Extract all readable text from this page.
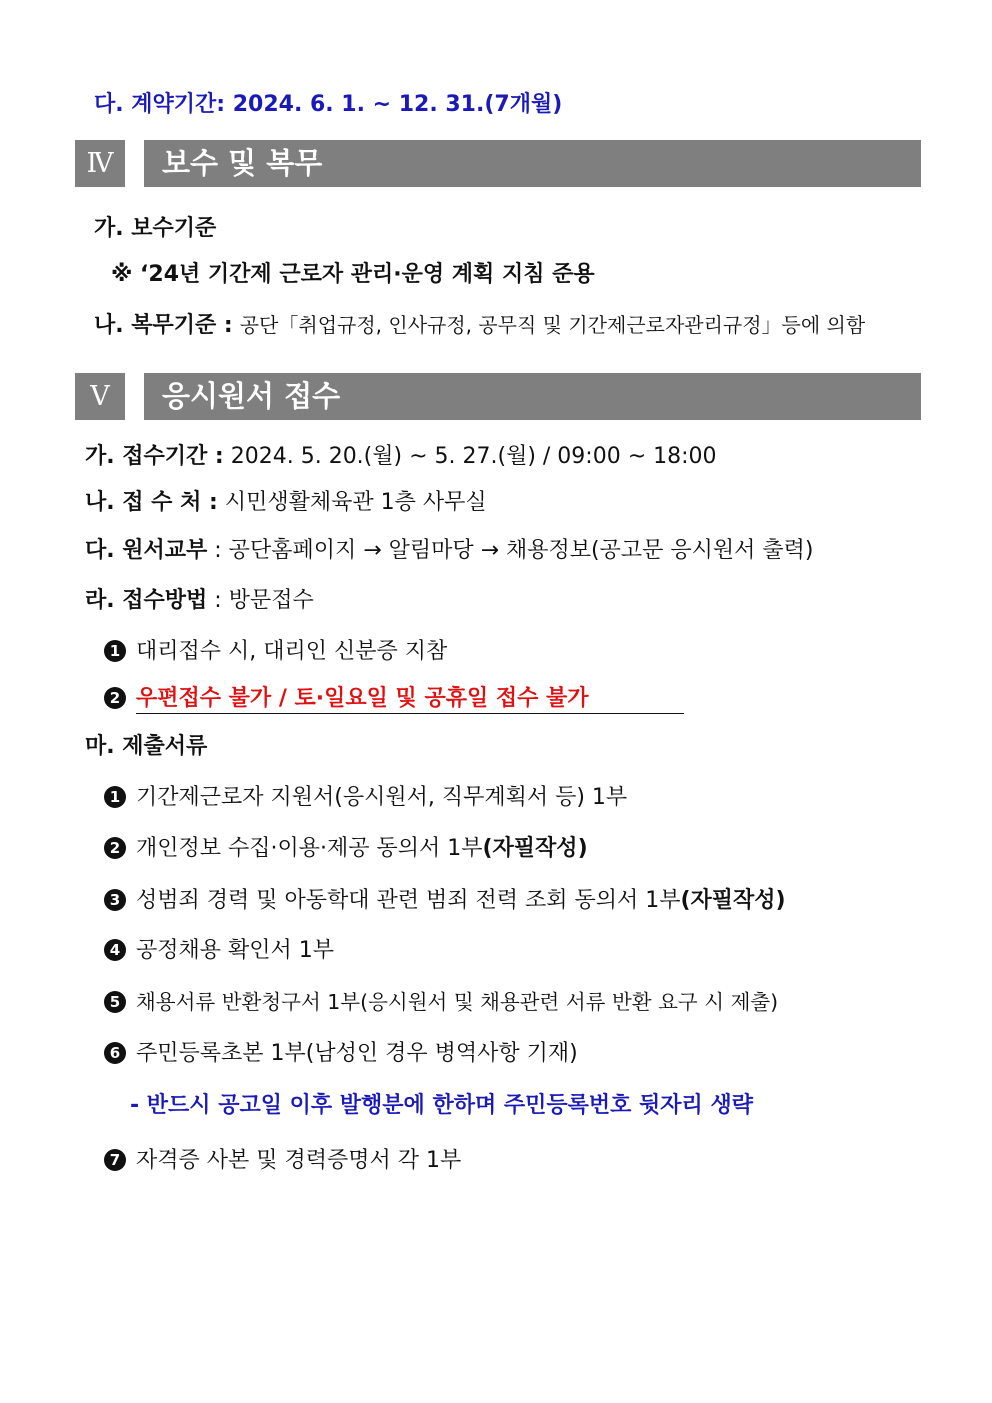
다. 계약기간: 2024. 6. 1. ~ 12. 31.(7개월)
Ⅳ	보수 및 복무
가. 보수기준
※ ‘24년 기간제 근로자 관리·운영 계획 지침 준용
나. 복무기준 : 공단「취업규정, 인사규정, 공무직 및 기간제근로자관리규정」등에 의함
Ⅴ	응시원서 접수
가. 접수기간 : 2024. 5. 20.(월) ~ 5. 27.(월) / 09:00 ~ 18:00
나. 접 수 처 : 시민생활체육관 1층 사무실
다. 원서교부 : 공단홈페이지 → 알림마당 → 채용정보(공고문 응시원서 출력)
라. 접수방법 : 방문접수
1 대리접수 시, 대리인 신분증 지참
2 우편접수 불가 / 토·일요일 및 공휴일 접수 불가
마. 제출서류
1 기간제근로자 지원서(응시원서, 직무계획서 등) 1부
2 개인정보 수집·이용·제공 동의서 1부(자필작성)
3 성범죄 경력 및 아동학대 관련 범죄 전력 조회 동의서 1부(자필작성)
4 공정채용 확인서 1부
5 채용서류 반환청구서 1부(응시원서 및 채용관련 서류 반환 요구 시 제출)
6 주민등록초본 1부(남성인 경우 병역사항 기재)
- 반드시 공고일 이후 발행분에 한하며 주민등록번호 뒷자리 생략
7 자격증 사본 및 경력증명서 각 1부
